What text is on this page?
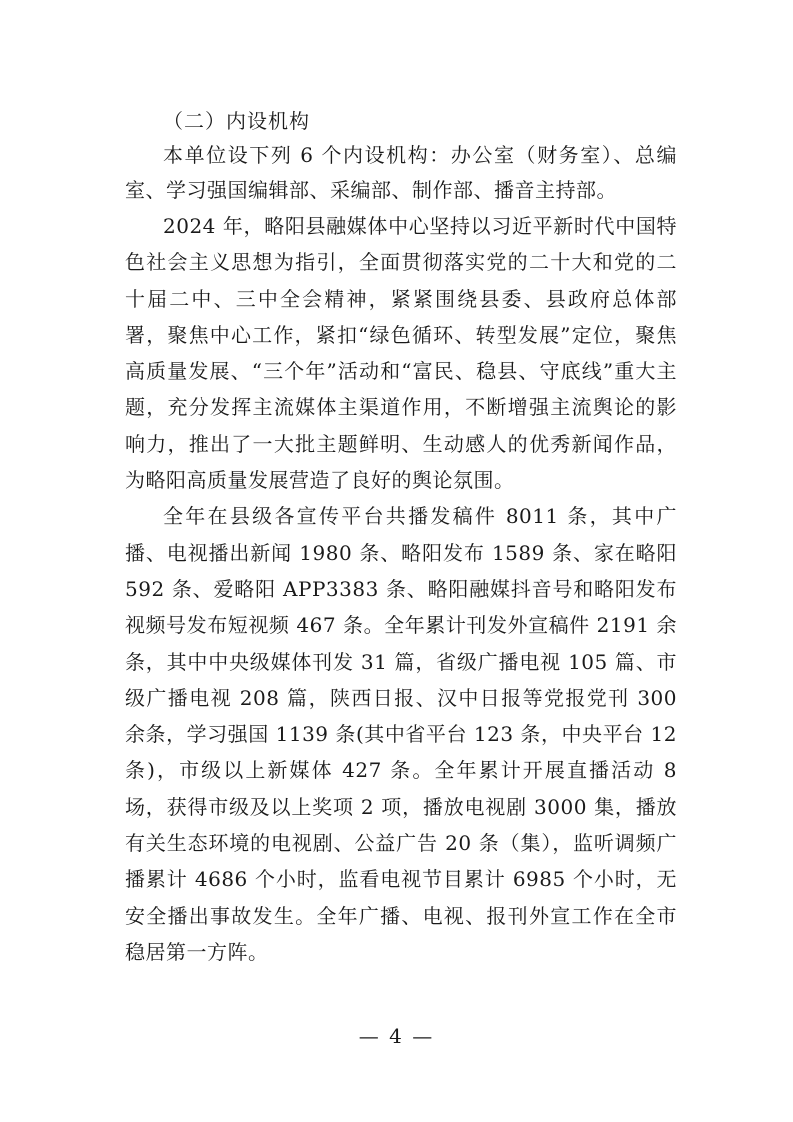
（二）内设机构

本单位设下列 6 个内设机构：办公室（财务室）、总编室、学习强国编辑部、采编部、制作部、播音主持部。

2024 年，略阳县融媒体中心坚持以习近平新时代中国特色社会主义思想为指引，全面贯彻落实党的二十大和党的二十届二中、三中全会精神，紧紧围绕县委、县政府总体部署，聚焦中心工作，紧扣“绿色循环、转型发展”定位，聚焦高质量发展、“三个年”活动和“富民、稳县、守底线”重大主题，充分发挥主流媒体主渠道作用，不断增强主流舆论的影响力，推出了一大批主题鲜明、生动感人的优秀新闻作品，为略阳高质量发展营造了良好的舆论氛围。

全年在县级各宣传平台共播发稿件 8011 条，其中广播、电视播出新闻 1980 条、略阳发布 1589 条、家在略阳 592 条、爱略阳 APP3383 条、略阳融媒抖音号和略阳发布视频号发布短视频 467 条。全年累计刊发外宣稿件 2191 余条，其中中央级媒体刊发 31 篇，省级广播电视 105 篇、市级广播电视 208 篇，陕西日报、汉中日报等党报党刊 300 余条，学习强国 1139 条(其中省平台 123 条，中央平台 12 条)，市级以上新媒体 427 条。全年累计开展直播活动 8 场，获得市级及以上奖项 2 项，播放电视剧 3000 集，播放有关生态环境的电视剧、公益广告 20 条（集），监听调频广播累计 4686 个小时，监看电视节目累计 6985 个小时，无安全播出事故发生。全年广播、电视、报刊外宣工作在全市稳居第一方阵。

— 4 —
